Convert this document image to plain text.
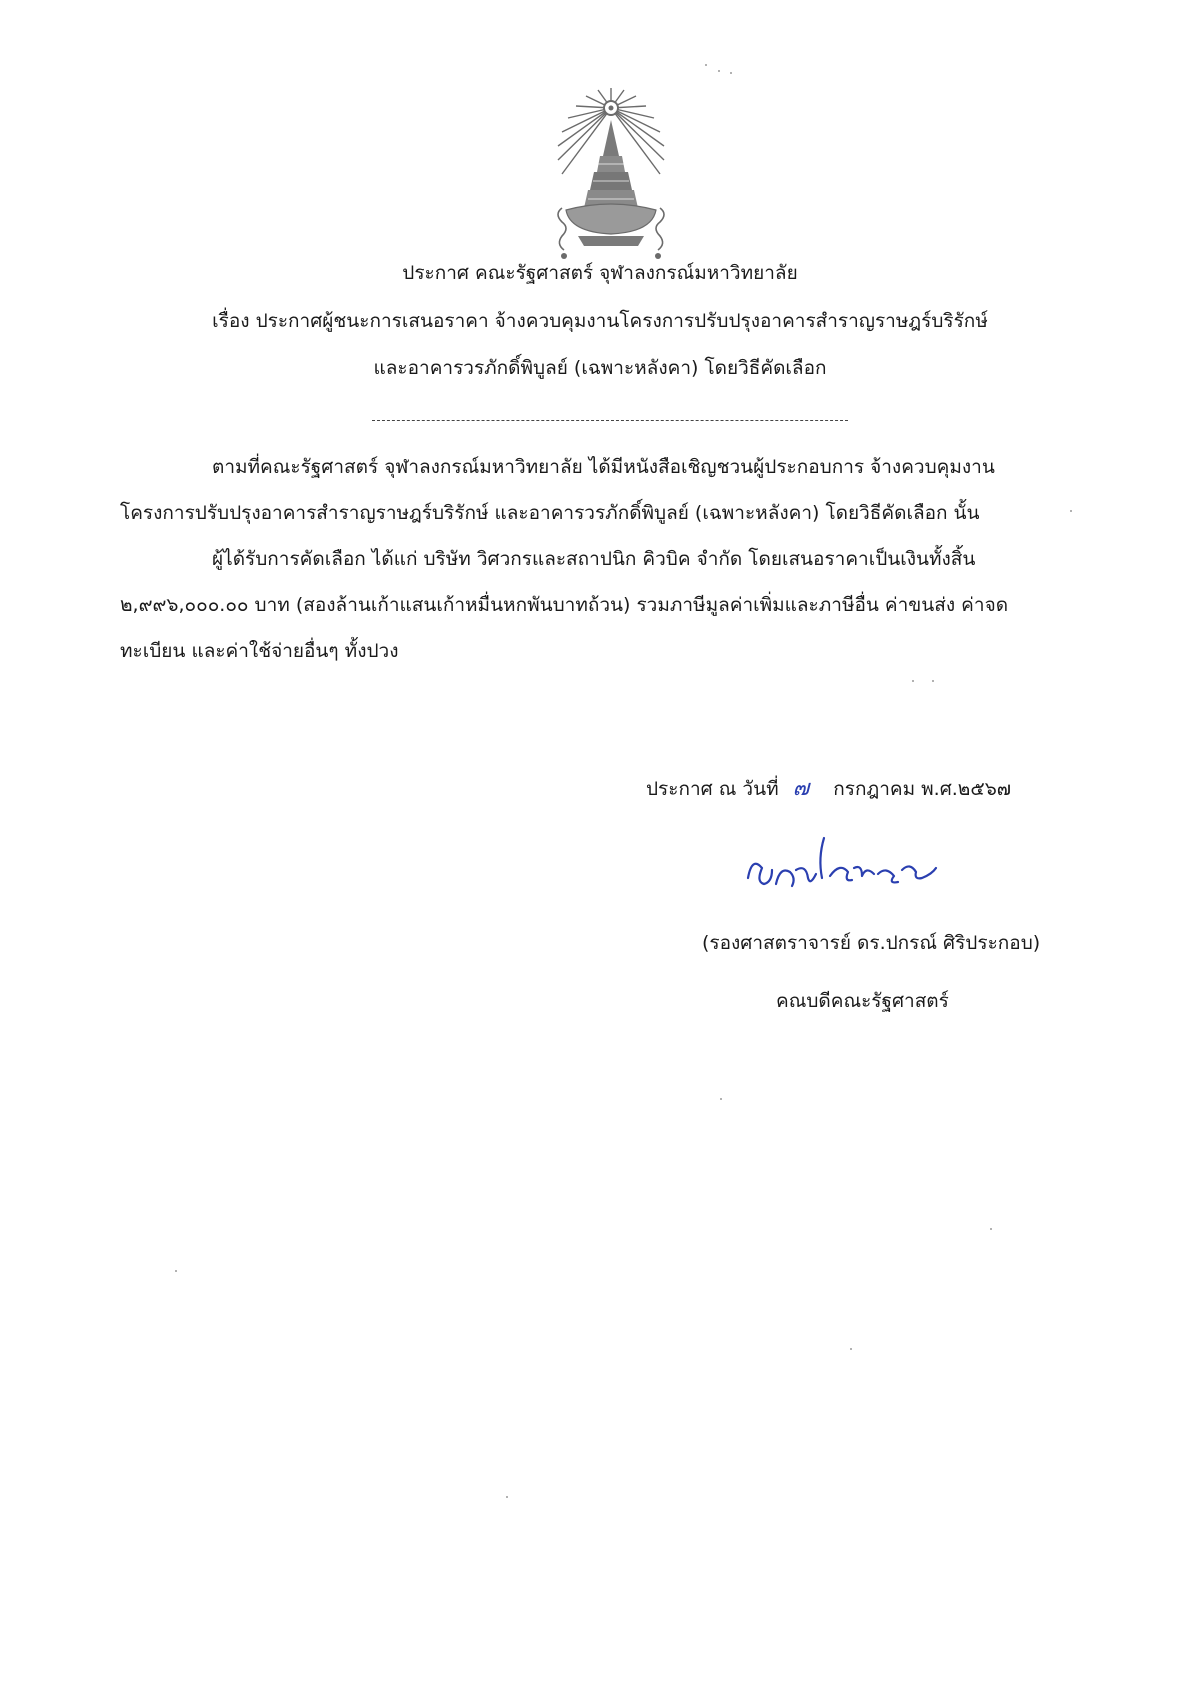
ประกาศ คณะรัฐศาสตร์ จุฬาลงกรณ์มหาวิทยาลัย
เรื่อง ประกาศผู้ชนะการเสนอราคา จ้างควบคุมงานโครงการปรับปรุงอาคารสำราญราษฎร์บริรักษ์
และอาคารวรภักดิ์พิบูลย์ (เฉพาะหลังคา) โดยวิธีคัดเลือก
ตามที่คณะรัฐศาสตร์ จุฬาลงกรณ์มหาวิทยาลัย ได้มีหนังสือเชิญชวนผู้ประกอบการ จ้างควบคุมงาน
โครงการปรับปรุงอาคารสำราญราษฎร์บริรักษ์ และอาคารวรภักดิ์พิบูลย์ (เฉพาะหลังคา) โดยวิธีคัดเลือก นั้น
ผู้ได้รับการคัดเลือก ได้แก่ บริษัท วิศวกรและสถาปนิก คิวบิค จำกัด โดยเสนอราคาเป็นเงินทั้งสิ้น
๒,๙๙๖,๐๐๐.๐๐ บาท (สองล้านเก้าแสนเก้าหมื่นหกพันบาทถ้วน) รวมภาษีมูลค่าเพิ่มและภาษีอื่น ค่าขนส่ง ค่าจด
ทะเบียน และค่าใช้จ่ายอื่นๆ ทั้งปวง
ประกาศ ณ วันที่ ๗ กรกฎาคม พ.ศ.๒๕๖๗
(รองศาสตราจารย์ ดร.ปกรณ์ ศิริประกอบ)
คณบดีคณะรัฐศาสตร์
